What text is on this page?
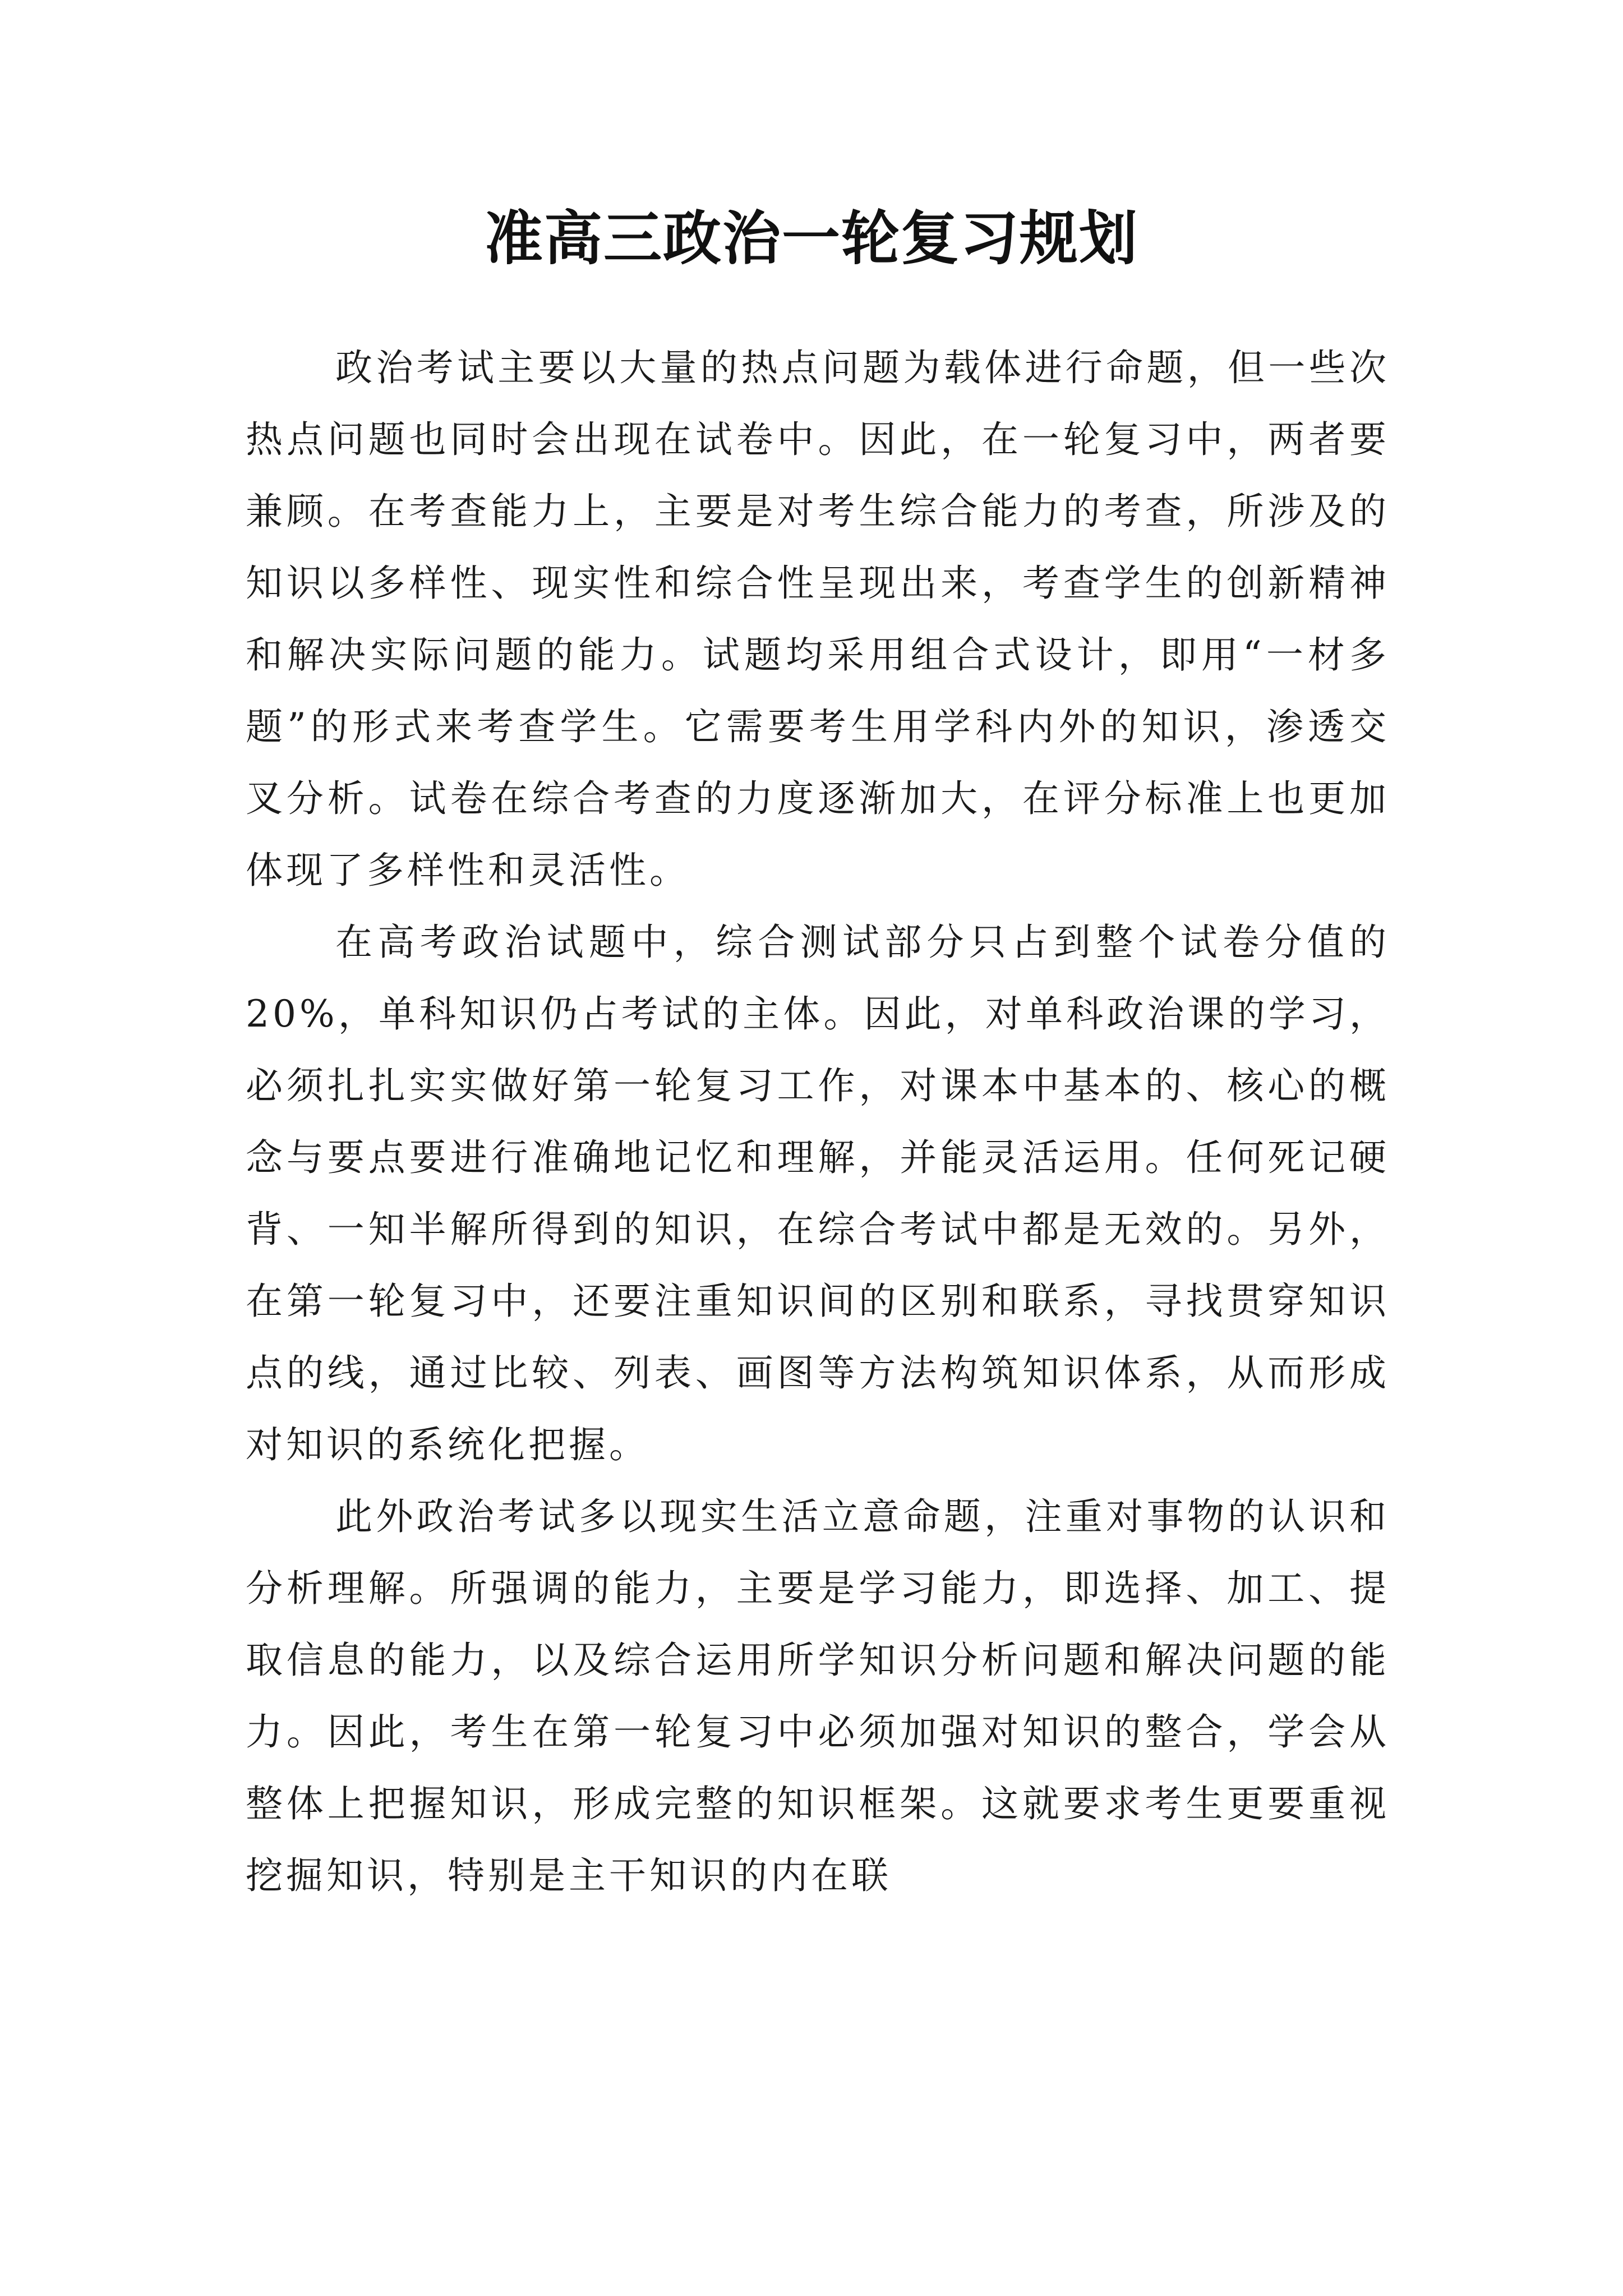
准高三政治一轮复习规划

政治考试主要以大量的热点问题为载体进行命题，但一些次热点问题也同时会出现在试卷中。因此，在一轮复习中，两者要兼顾。在考查能力上，主要是对考生综合能力的考查，所涉及的知识以多样性、现实性和综合性呈现出来，考查学生的创新精神和解决实际问题的能力。试题均采用组合式设计，即用“一材多题”的形式来考查学生。它需要考生用学科内外的知识，渗透交叉分析。试卷在综合考查的力度逐渐加大，在评分标准上也更加体现了多样性和灵活性。

在高考政治试题中，综合测试部分只占到整个试卷分值的20%，单科知识仍占考试的主体。因此，对单科政治课的学习，必须扎扎实实做好第一轮复习工作，对课本中基本的、核心的概念与要点要进行准确地记忆和理解，并能灵活运用。任何死记硬背、一知半解所得到的知识，在综合考试中都是无效的。另外，在第一轮复习中，还要注重知识间的区别和联系，寻找贯穿知识点的线，通过比较、列表、画图等方法构筑知识体系，从而形成对知识的系统化把握。

此外政治考试多以现实生活立意命题，注重对事物的认识和分析理解。所强调的能力，主要是学习能力，即选择、加工、提取信息的能力，以及综合运用所学知识分析问题和解决问题的能力。因此，考生在第一轮复习中必须加强对知识的整合，学会从整体上把握知识，形成完整的知识框架。这就要求考生更要重视挖掘知识，特别是主干知识的内在联
